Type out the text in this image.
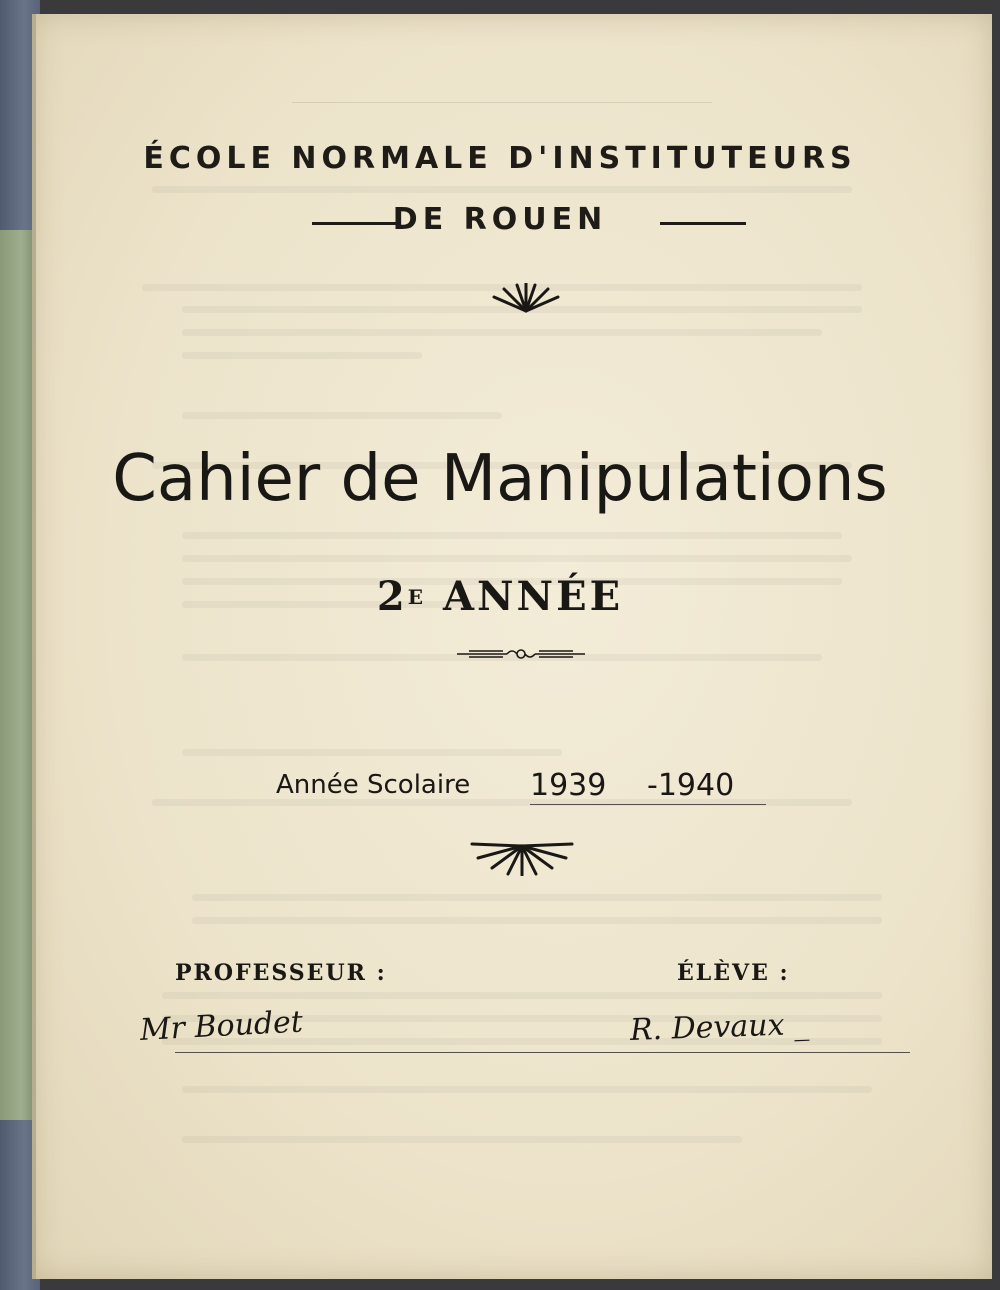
ÉCOLE NORMALE D'INSTITUTEURS
DE ROUEN
Cahier de Manipulations
$2^E$ ANNÉE
Année Scolaire 1939 -1940
PROFESSEUR :	ÉLÈVE :
Mr Boudet	R. Devaux _
